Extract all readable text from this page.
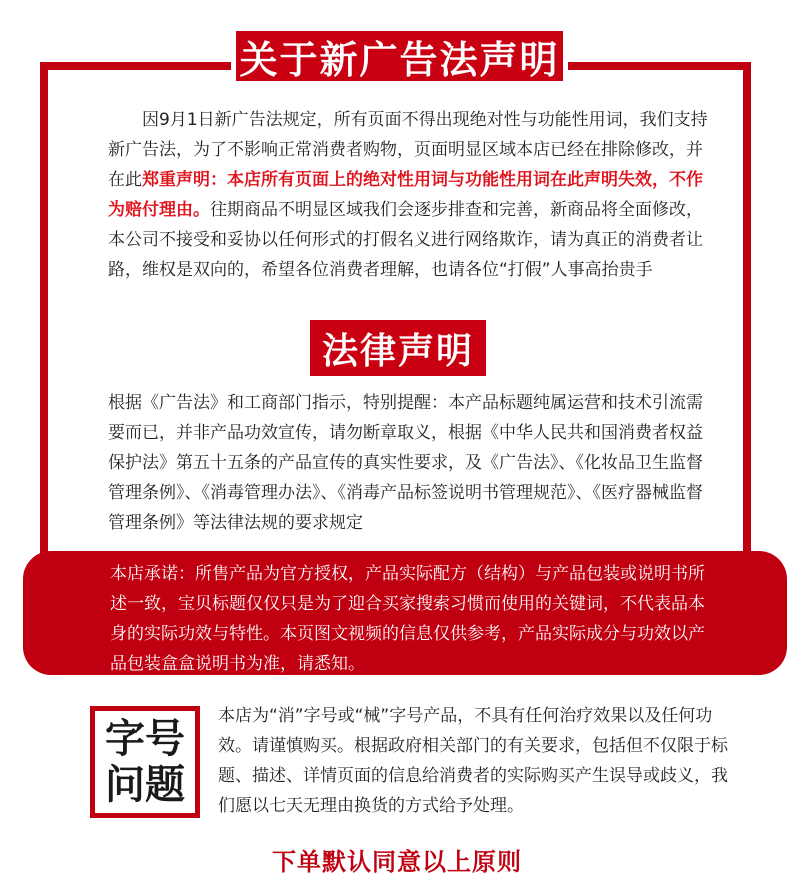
关于新广告法声明
因9月1日新广告法规定，所有页面不得出现绝对性与功能性用词，我们支持新广告法，为了不影响正常消费者购物，页面明显区域本店已经在排除修改，并在此郑重声明：本店所有页面上的绝对性用词与功能性用词在此声明失效，不作为赔付理由。往期商品不明显区域我们会逐步排查和完善，新商品将全面修改，本公司不接受和妥协以任何形式的打假名义进行网络欺诈，请为真正的消费者让路，维权是双向的，希望各位消费者理解，也请各位“打假”人事高抬贵手
法律声明
根据《广告法》和工商部门指示，特别提醒：本产品标题纯属运营和技术引流需要而已，并非产品功效宣传，请勿断章取义，根据《中华人民共和国消费者权益保护法》第五十五条的产品宣传的真实性要求，及《广告法》、《化妆品卫生监督管理条例》、《消毒管理办法》、《消毒产品标签说明书管理规范》、《医疗器械监督管理条例》等法律法规的要求规定
本店承诺：所售产品为官方授权，产品实际配方（结构）与产品包装或说明书所述一致，宝贝标题仅仅只是为了迎合买家搜索习惯而使用的关键词，不代表品本身的实际功效与特性。本页图文视频的信息仅供参考，产品实际成分与功效以产品包装盒盒说明书为准，请悉知。
字号
问题
本店为“消”字号或“械”字号产品，不具有任何治疗效果以及任何功效。请谨慎购买。根据政府相关部门的有关要求，包括但不仅限于标题、描述、详情页面的信息给消费者的实际购买产生误导或歧义，我们愿以七天无理由换货的方式给予处理。
下单默认同意以上原则
